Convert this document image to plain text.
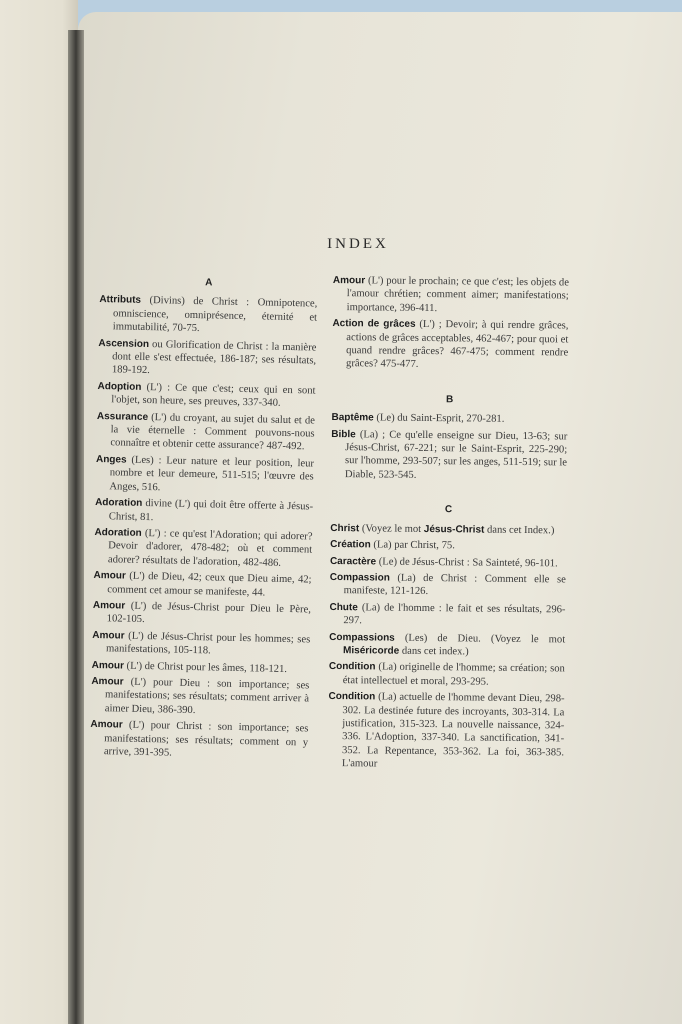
INDEX
A
Attributs (Divins) de Christ : Omnipotence, omniscience, omniprésence, éternité et immutabilité, 70-75.
Ascension ou Glorification de Christ : la manière dont elle s'est effectuée, 186-187; ses résultats, 189-192.
Adoption (L') : Ce que c'est; ceux qui en sont l'objet, son heure, ses preuves, 337-340.
Assurance (L') du croyant, au sujet du salut et de la vie éternelle : Comment pouvons-nous connaître et obtenir cette assurance? 487-492.
Anges (Les) : Leur nature et leur position, leur nombre et leur demeure, 511-515; l'œuvre des Anges, 516.
Adoration divine (L') qui doit être offerte à Jésus-Christ, 81.
Adoration (L') : ce qu'est l'Adoration; qui adorer? Devoir d'adorer, 478-482; où et comment adorer? résultats de l'adoration, 482-486.
Amour (L') de Dieu, 42; ceux que Dieu aime, 42; comment cet amour se manifeste, 44.
Amour (L') de Jésus-Christ pour Dieu le Père, 102-105.
Amour (L') de Jésus-Christ pour les hommes; ses manifestations, 105-118.
Amour (L') de Christ pour les âmes, 118-121.
Amour (L') pour Dieu : son importance; ses manifestations; ses résultats; comment arriver à aimer Dieu, 386-390.
Amour (L') pour Christ : son importance; ses manifestations; ses résultats; comment on y arrive, 391-395.
Amour (L') pour le prochain; ce que c'est; les objets de l'amour chrétien; comment aimer; manifestations; importance, 396-411.
Action de grâces (L') ; Devoir; à qui rendre grâces, actions de grâces acceptables, 462-467; pour quoi et quand rendre grâces? 467-475; comment rendre grâces? 475-477.
B
Baptême (Le) du Saint-Esprit, 270-281.
Bible (La) ; Ce qu'elle enseigne sur Dieu, 13-63; sur Jésus-Christ, 67-221; sur le Saint-Esprit, 225-290; sur l'homme, 293-507; sur les anges, 511-519; sur le Diable, 523-545.
C
Christ (Voyez le mot Jésus-Christ dans cet Index.)
Création (La) par Christ, 75.
Caractère (Le) de Jésus-Christ : Sa Sainteté, 96-101.
Compassion (La) de Christ : Comment elle se manifeste, 121-126.
Chute (La) de l'homme : le fait et ses résultats, 296-297.
Compassions (Les) de Dieu. (Voyez le mot Miséricorde dans cet index.)
Condition (La) originelle de l'homme; sa création; son état intellectuel et moral, 293-295.
Condition (La) actuelle de l'homme devant Dieu, 298-302. La destinée future des incroyants, 303-314. La justification, 315-323. La nouvelle naissance, 324-336. L'Adoption, 337-340. La sanctification, 341-352. La Repentance, 353-362. La foi, 363-385. L'amour
